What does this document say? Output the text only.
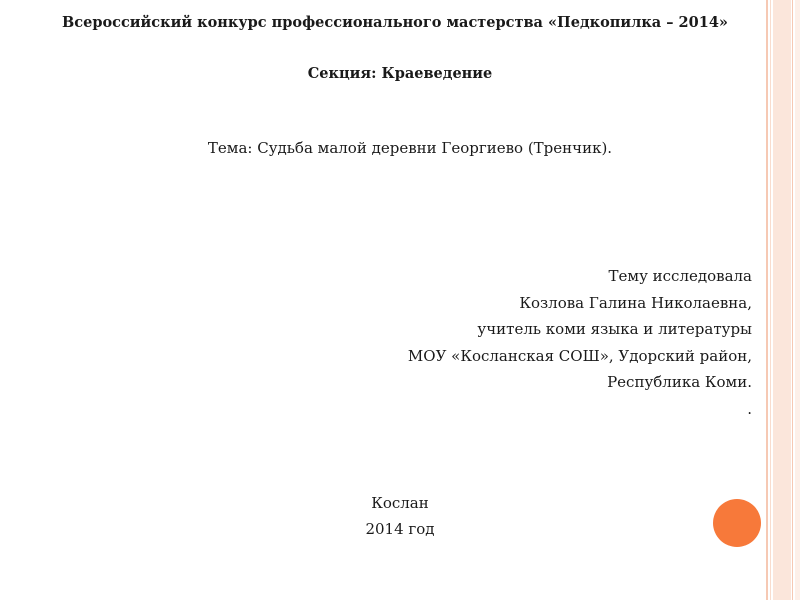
Всероссийский конкурс профессионального мастерства «Педкопилка – 2014»
Секция: Краеведение
Тема: Судьба малой деревни Георгиево (Тренчик).
Тему исследовала
Козлова Галина Николаевна,
учитель коми языка и литературы
МОУ «Косланская СОШ», Удорский район,
Республика Коми.
.
Кослан
2014 год
